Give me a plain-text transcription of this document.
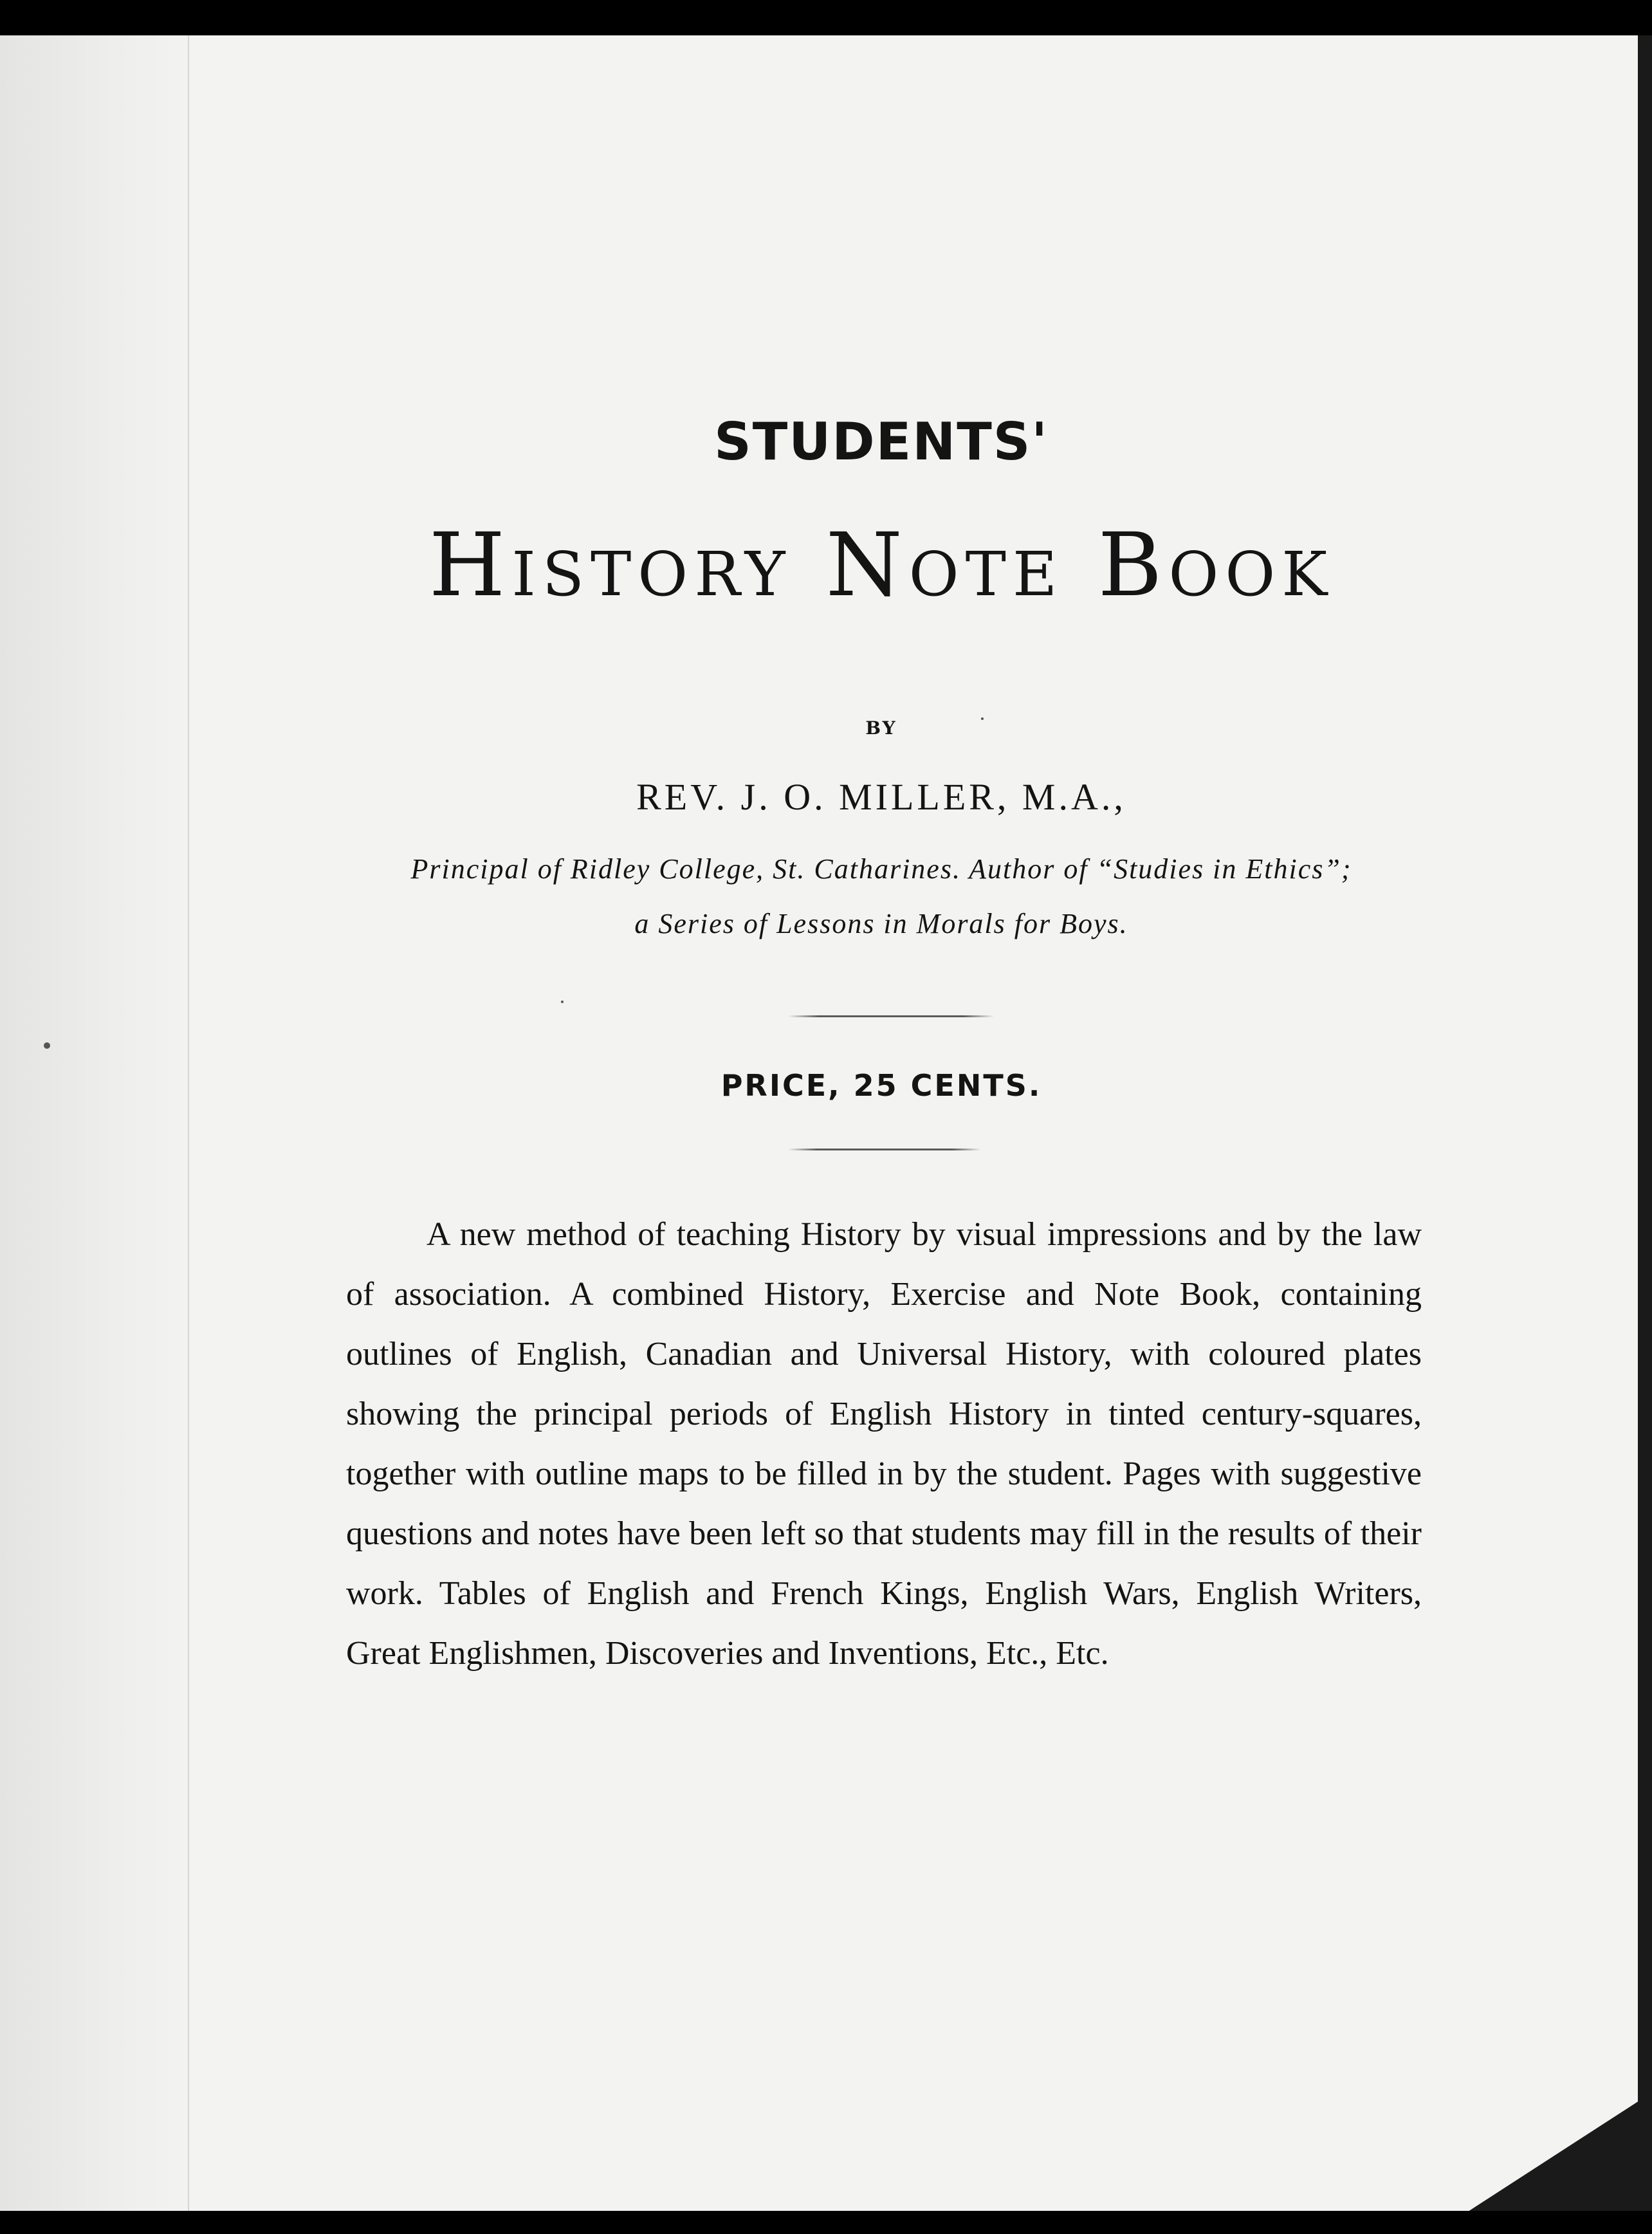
STUDENTS'
History Note Book
BY
REV. J. O. MILLER, M.A.,
Principal of Ridley College, St. Catharines. Author of “Studies in Ethics”;
a Series of Lessons in Morals for Boys.
PRICE, 25 CENTS.
A new method of teaching History by visual impressions and by the law of association. A combined History, Exercise and Note Book, containing outlines of English, Canadian and Universal History, with coloured plates showing the principal periods of English History in tinted century-squares, together with outline maps to be filled in by the student. Pages with suggestive questions and notes have been left so that students may fill in the results of their work. Tables of English and French Kings, English Wars, English Writers, Great Englishmen, Discoveries and Inventions, Etc., Etc.
